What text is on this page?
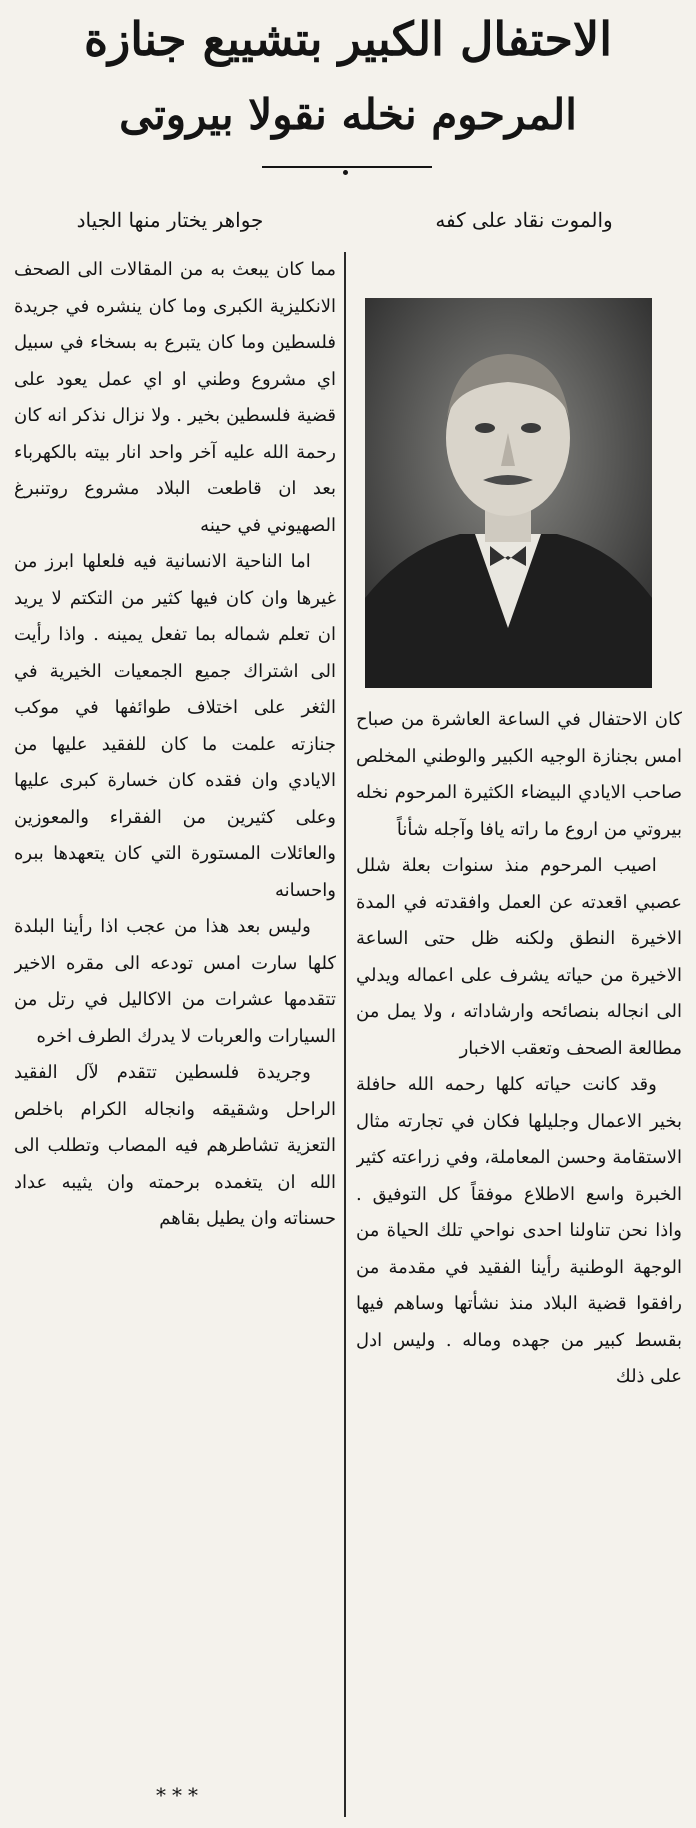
الاحتفال الكبير بتشييع جنازة
المرحوم نخله نقولا بيروتى
والموت نقاد على كفه
جواهر يختار منها الجياد

مما كان يبعث به من المقالات الى الصحف الانكليزية الكبرى وما كان ينشره في جريدة فلسطين وما كان يتبرع به بسخاء في سبيل اي مشروع وطني او اي عمل يعود على قضية فلسطين بخير . ولا نزال نذكر انه كان رحمة الله عليه آخر واحد انار بيته بالكهرباء بعد ان قاطعت البلاد مشروع روتنبرغ الصهيوني في حينه

اما الناحية الانسانية فيه فلعلها ابرز من غيرها وان كان فيها كثير من التكتم لا يريد ان تعلم شماله بما تفعل يمينه . واذا رأيت الى اشتراك جميع الجمعيات الخيرية في الثغر على اختلاف طوائفها في موكب جنازته علمت ما كان للفقيد عليها من الايادي وان فقده كان خسارة كبرى عليها وعلى كثيرين من الفقراء والمعوزين والعائلات المستورة التي كان يتعهدها ببره واحسانه

وليس بعد هذا من عجب اذا رأينا البلدة كلها سارت امس تودعه الى مقره الاخير تتقدمها عشرات من الاكاليل في رتل من السيارات والعربات لا يدرك الطرف اخره

وجريدة فلسطين تتقدم لآل الفقيد الراحل وشقيقه وانجاله الكرام باخلص التعزية تشاطرهم فيه المصاب وتطلب الى الله ان يتغمده برحمته وان يثيبه عداد حسناته وان يطيل بقاهم

***

كان الاحتفال في الساعة العاشرة من صباح امس بجنازة الوجيه الكبير والوطني المخلص صاحب الايادي البيضاء الكثيرة المرحوم نخله بيروتي من اروع ما راته يافا وآجله شأناً

اصيب المرحوم منذ سنوات بعلة شلل عصبي اقعدته عن العمل وافقدته في المدة الاخيرة النطق ولكنه ظل حتى الساعة الاخيرة من حياته يشرف على اعماله ويدلي الى انجاله بنصائحه وارشاداته ، ولا يمل من مطالعة الصحف وتعقب الاخبار

وقد كانت حياته كلها رحمه الله حافلة بخير الاعمال وجليلها فكان في تجارته مثال الاستقامة وحسن المعاملة، وفي زراعته كثير الخبرة واسع الاطلاع موفقاً كل التوفيق . واذا نحن تناولنا احدى نواحي تلك الحياة من الوجهة الوطنية رأينا الفقيد في مقدمة من رافقوا قضية البلاد منذ نشأتها وساهم فيها بقسط كبير من جهده وماله . وليس ادل على ذلك
